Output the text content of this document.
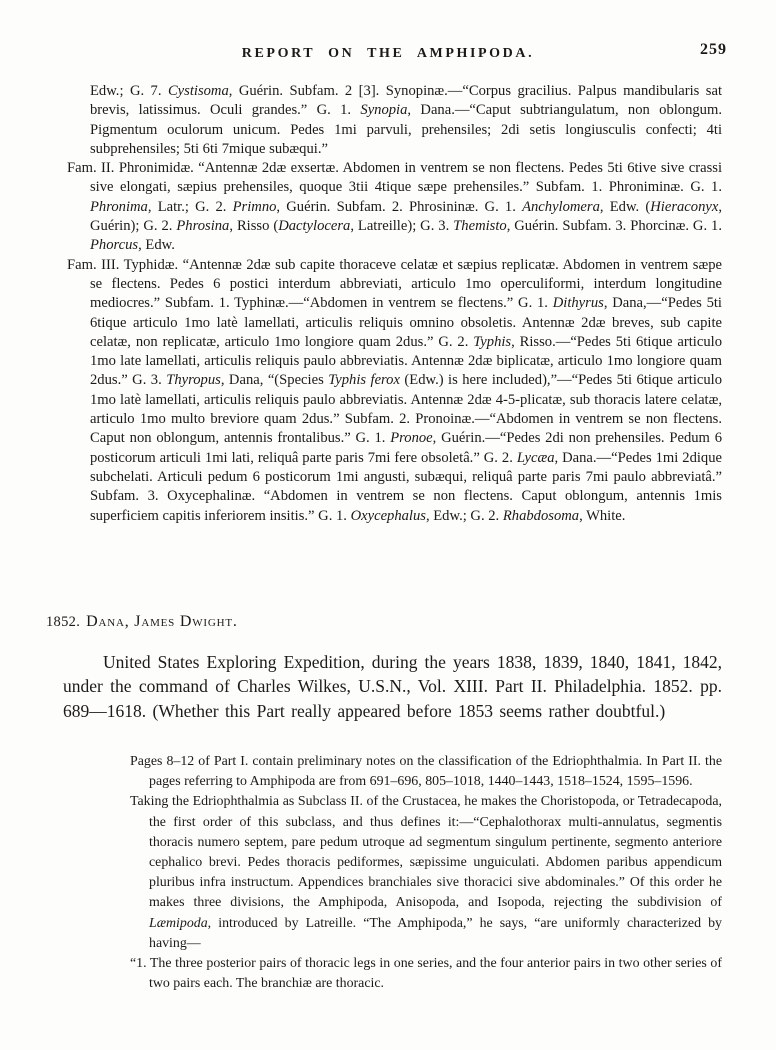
REPORT ON THE AMPHIPODA.	259

Edw.; G. 7. Cystisoma, Guérin. Subfam. 2 [3]. Synopinæ.—“Corpus gracilius. Palpus mandibularis sat brevis, latissimus. Oculi grandes.” G. 1. Synopia, Dana.—“Caput subtriangulatum, non oblongum. Pigmentum oculorum unicum. Pedes 1mi parvuli, prehensiles; 2di setis longiusculis confecti; 4ti subprehensiles; 5ti 6ti 7mique subæqui.”

Fam. II. Phronimidæ. “Antennæ 2dæ exsertæ. Abdomen in ventrem se non flectens. Pedes 5ti 6tive sive crassi sive elongati, sæpius prehensiles, quoque 3tii 4tique sæpe prehensiles.” Subfam. 1. Phroniminæ. G. 1. Phronima, Latr.; G. 2. Primno, Guérin. Subfam. 2. Phrosininæ. G. 1. Anchylomera, Edw. (Hieraconyx, Guérin); G. 2. Phrosina, Risso (Dactylocera, Latreille); G. 3. Themisto, Guérin. Subfam. 3. Phorcinæ. G. 1. Phorcus, Edw.

Fam. III. Typhidæ. “Antennæ 2dæ sub capite thoraceve celatæ et sæpius replicatæ. Abdomen in ventrem sæpe se flectens. Pedes 6 postici interdum abbreviati, articulo 1mo operculiformi, interdum longitudine mediocres.” Subfam. 1. Typhinæ.—“Abdomen in ventrem se flectens.” G. 1. Dithyrus, Dana,—“Pedes 5ti 6tique articulo 1mo latè lamellati, articulis reliquis omnino obsoletis. Antennæ 2dæ breves, sub capite celatæ, non replicatæ, articulo 1mo longiore quam 2dus.” G. 2. Typhis, Risso.—“Pedes 5ti 6tique articulo 1mo late lamellati, articulis reliquis paulo abbreviatis. Antennæ 2dæ biplicatæ, articulo 1mo longiore quam 2dus.” G. 3. Thyropus, Dana, “(Species Typhis ferox (Edw.) is here included),”—“Pedes 5ti 6tique articulo 1mo latè lamellati, articulis reliquis paulo abbreviatis. Antennæ 2dæ 4-5-plicatæ, sub thoracis latere celatæ, articulo 1mo multo breviore quam 2dus.” Subfam. 2. Pronoinæ.—“Abdomen in ventrem se non flectens. Caput non oblongum, antennis frontalibus.” G. 1. Pronoe, Guérin.—“Pedes 2di non prehensiles. Pedum 6 posticorum articuli 1mi lati, reliquâ parte paris 7mi fere obsoletâ.” G. 2. Lycæa, Dana.—“Pedes 1mi 2dique subchelati. Articuli pedum 6 posticorum 1mi angusti, subæqui, reliquâ parte paris 7mi paulo abbreviatâ.” Subfam. 3. Oxycephalinæ. “Abdomen in ventrem se non flectens. Caput oblongum, antennis 1mis superficiem capitis inferiorem insitis.” G. 1. Oxycephalus, Edw.; G. 2. Rhabdosoma, White.

1852. Dana, James Dwight.
United States Exploring Expedition, during the years 1838, 1839, 1840, 1841, 1842, under the command of Charles Wilkes, U.S.N., Vol. XIII. Part II. Philadelphia. 1852. pp. 689—1618. (Whether this Part really appeared before 1853 seems rather doubtful.)

Pages 8–12 of Part I. contain preliminary notes on the classification of the Edriophthalmia. In Part II. the pages referring to Amphipoda are from 691–696, 805–1018, 1440–1443, 1518–1524, 1595–1596.

Taking the Edriophthalmia as Subclass II. of the Crustacea, he makes the Choristopoda, or Tetradecapoda, the first order of this subclass, and thus defines it:—“Cephalothorax multi-annulatus, segmentis thoracis numero septem, pare pedum utroque ad segmentum singulum pertinente, segmento anteriore cephalico brevi. Pedes thoracis pediformes, sæpissime unguiculati. Abdomen paribus appendicum pluribus infra instructum. Appendices branchiales sive thoracici sive abdominales.” Of this order he makes three divisions, the Amphipoda, Anisopoda, and Isopoda, rejecting the subdivision of Læmipoda, introduced by Latreille. “The Amphipoda,” he says, “are uniformly characterized by having—

“1. The three posterior pairs of thoracic legs in one series, and the four anterior pairs in two other series of two pairs each. The branchiæ are thoracic.
